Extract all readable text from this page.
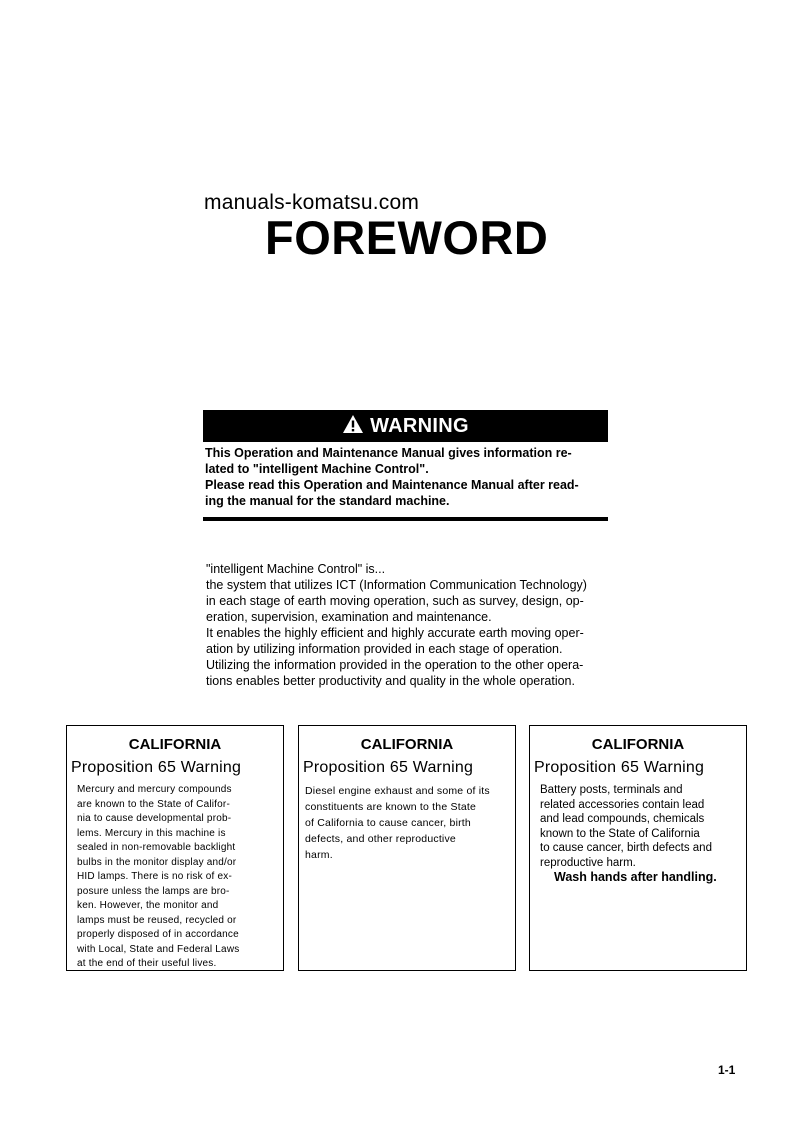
manuals-komatsu.com
FOREWORD
WARNING
This Operation and Maintenance Manual gives information re-
lated to "intelligent Machine Control".
Please read this Operation and Maintenance Manual after read-
ing the manual for the standard machine.

"intelligent Machine Control" is...

the system that utilizes ICT (Information Communication Technology)

in each stage of earth moving operation, such as survey, design, op-

eration, supervision, examination and maintenance.

It enables the highly efficient and highly accurate earth moving oper-

ation by utilizing information provided in each stage of operation.

Utilizing the information provided in the operation to the other opera-

tions enables better productivity and quality in the whole operation.

CALIFORNIA
Proposition 65 Warning

Mercury and mercury compounds

are known to the State of Califor-

nia to cause developmental prob-

lems. Mercury in this machine is

sealed in non-removable backlight

bulbs in the monitor display and/or

HID lamps. There is no risk of ex-

posure unless the lamps are bro-

ken. However, the monitor and

lamps must be reused, recycled or

properly disposed of in accordance

with Local, State and Federal Laws

at the end of their useful lives.

CALIFORNIA
Proposition 65 Warning

Diesel engine exhaust and some of its

constituents are known to the State

of California to cause cancer, birth

defects, and other reproductive

harm.

CALIFORNIA
Proposition 65 Warning

Battery posts, terminals and

related accessories contain lead

and lead compounds, chemicals

known to the State of California

to cause cancer, birth defects and

reproductive harm.

Wash hands after handling.

1-1
